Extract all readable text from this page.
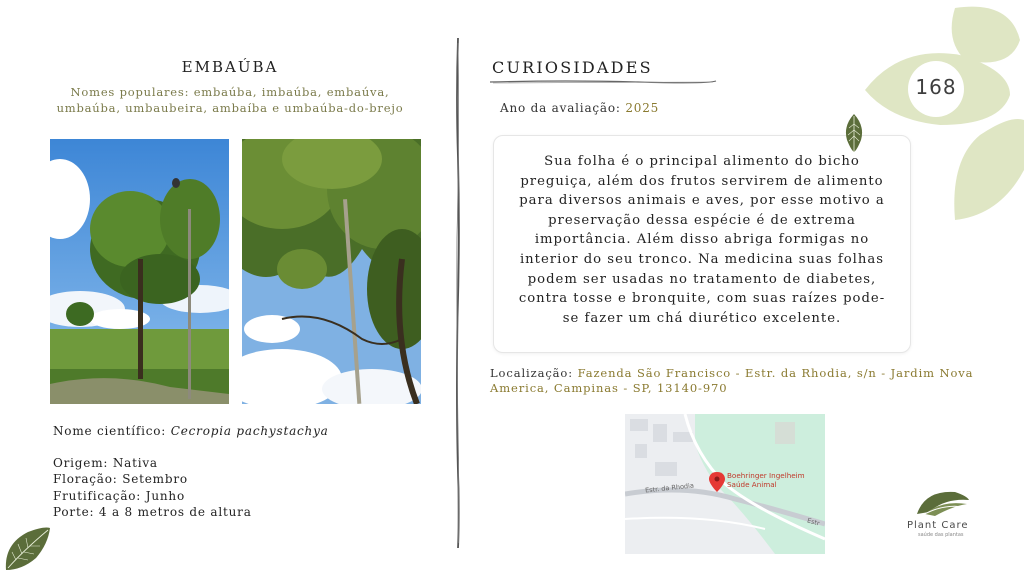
EMBAÚBA
Nomes populares: embaúba, imbaúba, embaúva, umbaúba, umbaubeira, ambaíba e umbaúba-do-brejo
Nome científico: Cecropia pachystachya
Origem: Nativa
Floração: Setembro
Frutificação: Junho
Porte: 4 a 8 metros de altura
CURIOSIDADES
Ano da avaliação: 2025
Sua folha é o principal alimento do bicho preguiça, além dos frutos servirem de alimento para diversos animais e aves, por esse motivo a preservação dessa espécie é de extrema importância. Além disso abriga formigas no interior do seu tronco. Na medicina suas folhas podem ser usadas no tratamento de diabetes, contra tosse e bronquite, com suas raízes pode-se fazer um chá diurético excelente.
Localização: Fazenda São Francisco - Estr. da Rhodia, s/n - Jardim Nova America, Campinas - SP, 13140-970
Boehringer Ingelheim
Saúde Animal
Estr. da Rhodia
Estr
168
Plant Care
saúde das plantas
